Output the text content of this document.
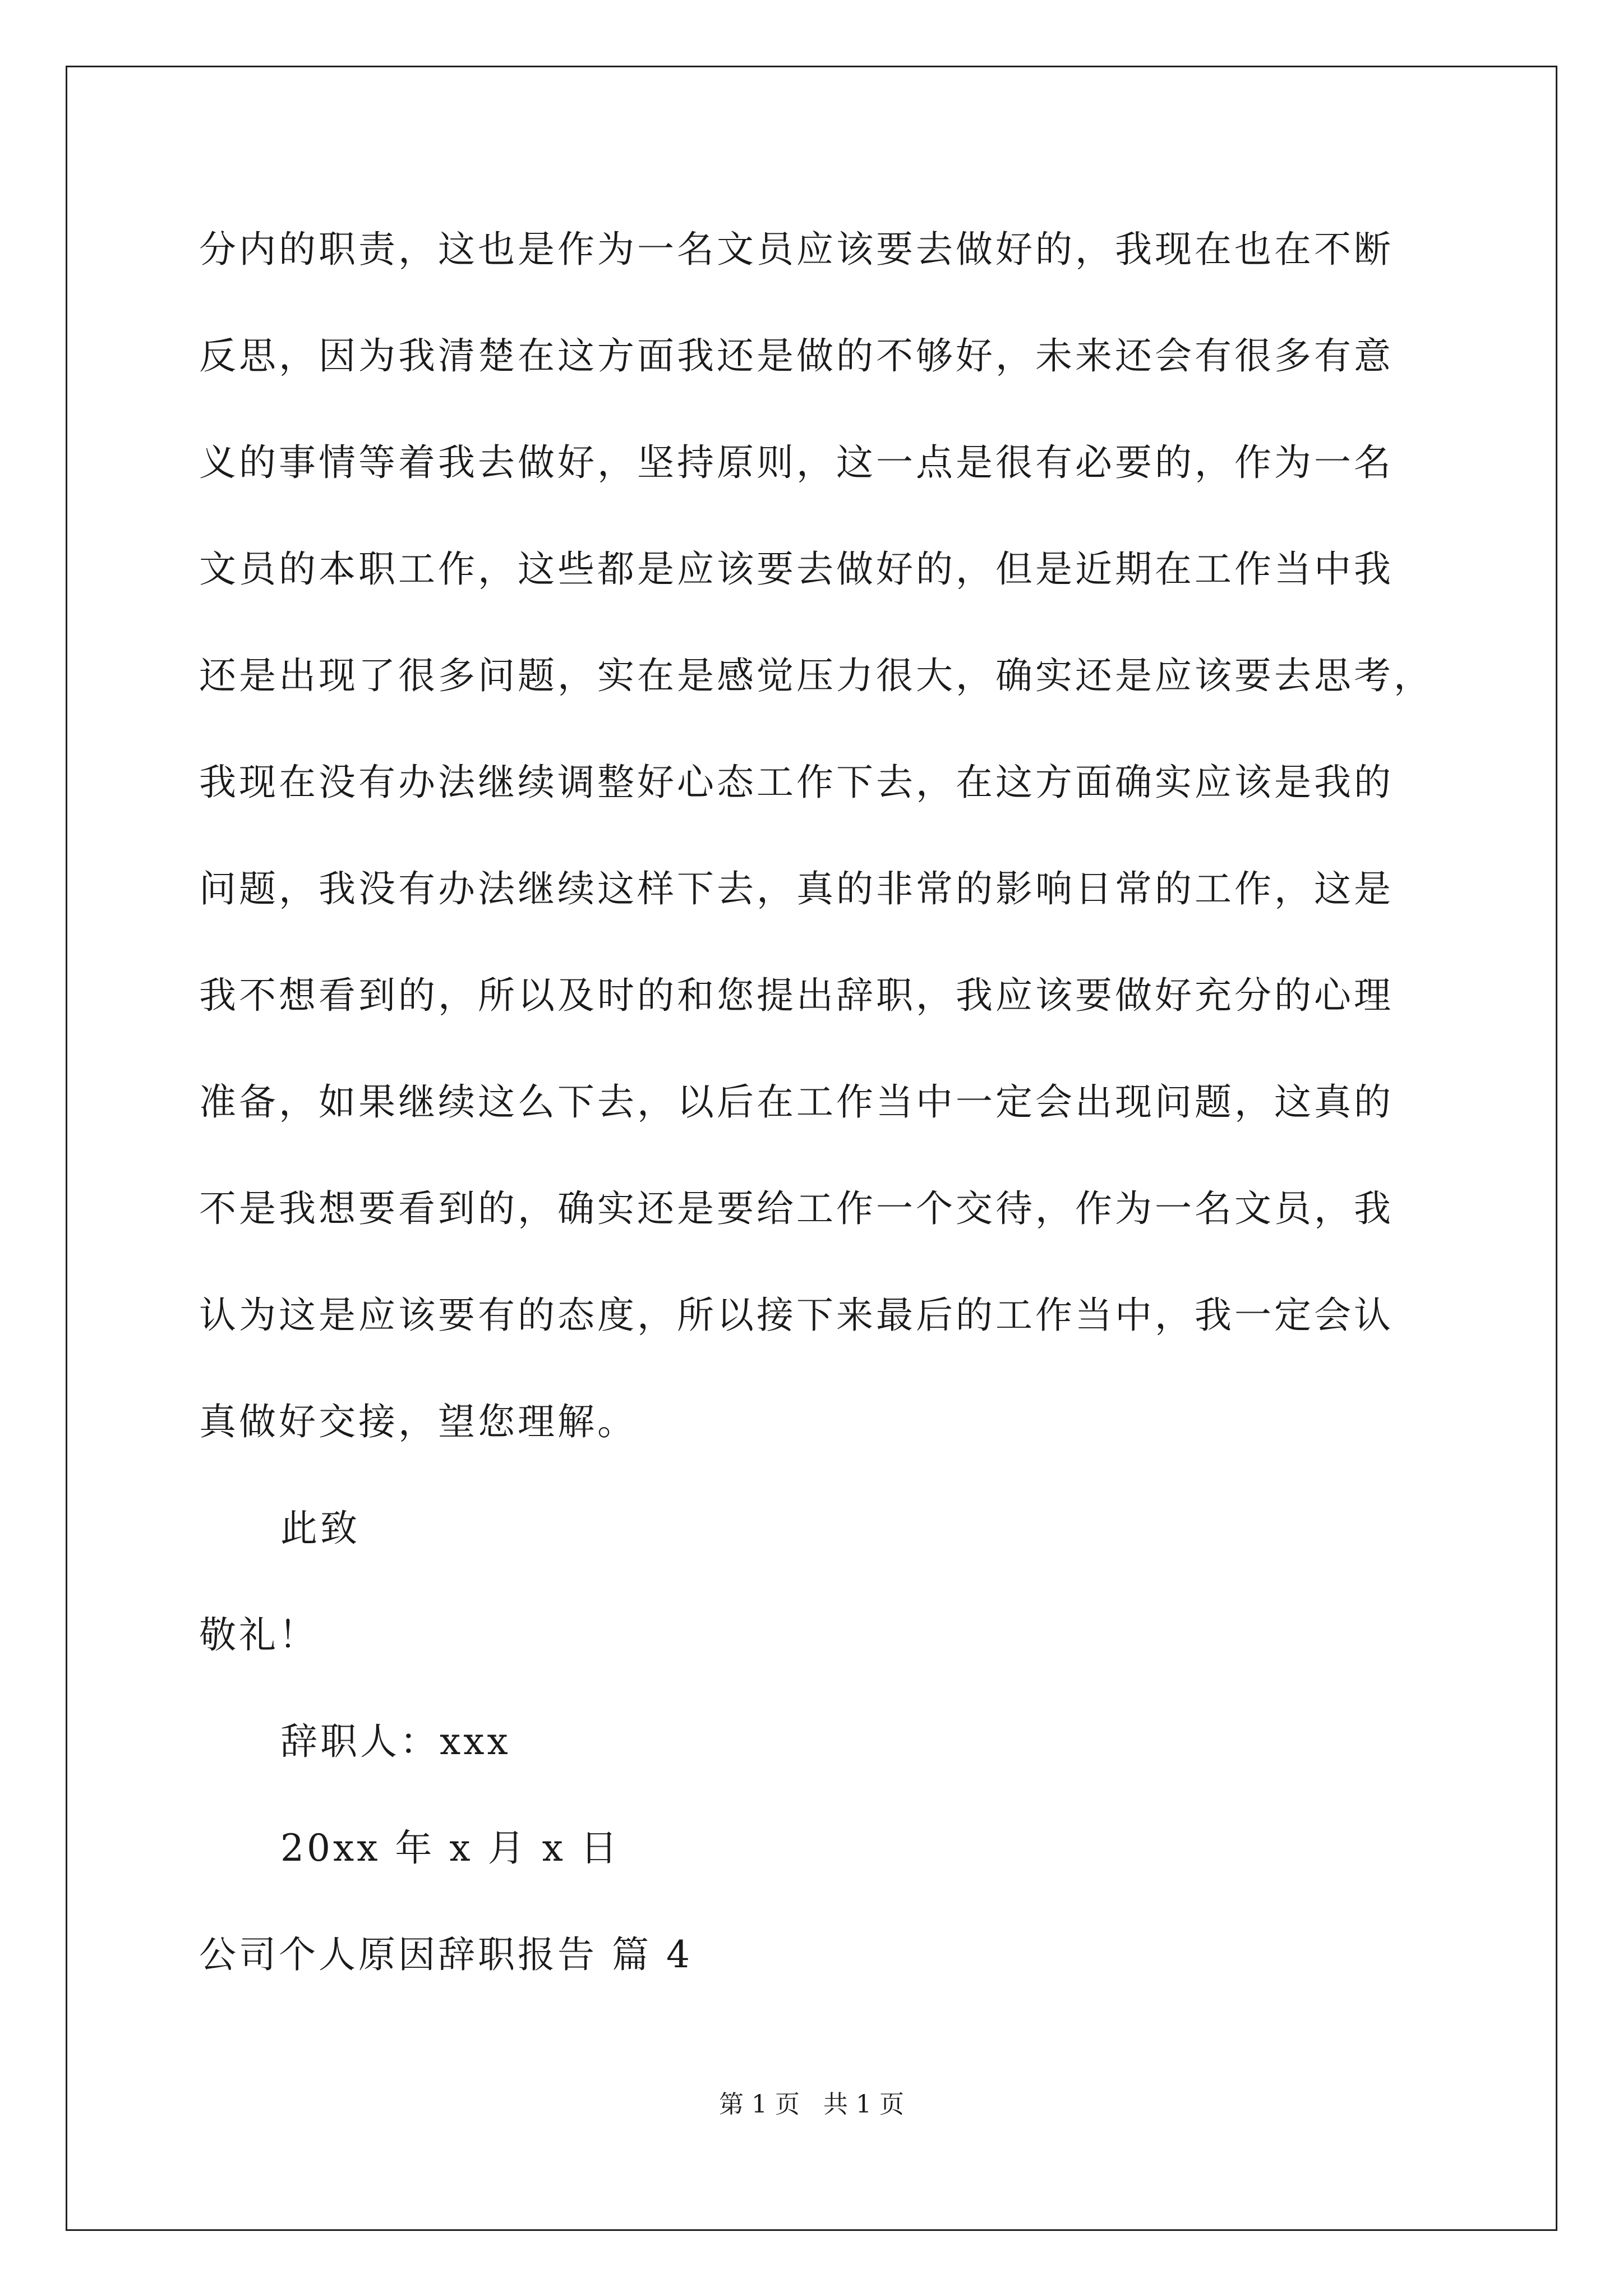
分内的职责，这也是作为一名文员应该要去做好的，我现在也在不断
反思，因为我清楚在这方面我还是做的不够好，未来还会有很多有意
义的事情等着我去做好，坚持原则，这一点是很有必要的，作为一名
文员的本职工作，这些都是应该要去做好的，但是近期在工作当中我
还是出现了很多问题，实在是感觉压力很大，确实还是应该要去思考，
我现在没有办法继续调整好心态工作下去，在这方面确实应该是我的
问题，我没有办法继续这样下去，真的非常的影响日常的工作，这是
我不想看到的，所以及时的和您提出辞职，我应该要做好充分的心理
准备，如果继续这么下去，以后在工作当中一定会出现问题，这真的
不是我想要看到的，确实还是要给工作一个交待，作为一名文员，我
认为这是应该要有的态度，所以接下来最后的工作当中，我一定会认
真做好交接，望您理解。
此致
敬礼！
辞职人：xxx
20xx 年 x 月 x 日
公司个人原因辞职报告 篇 4
第 1 页   共 1 页
